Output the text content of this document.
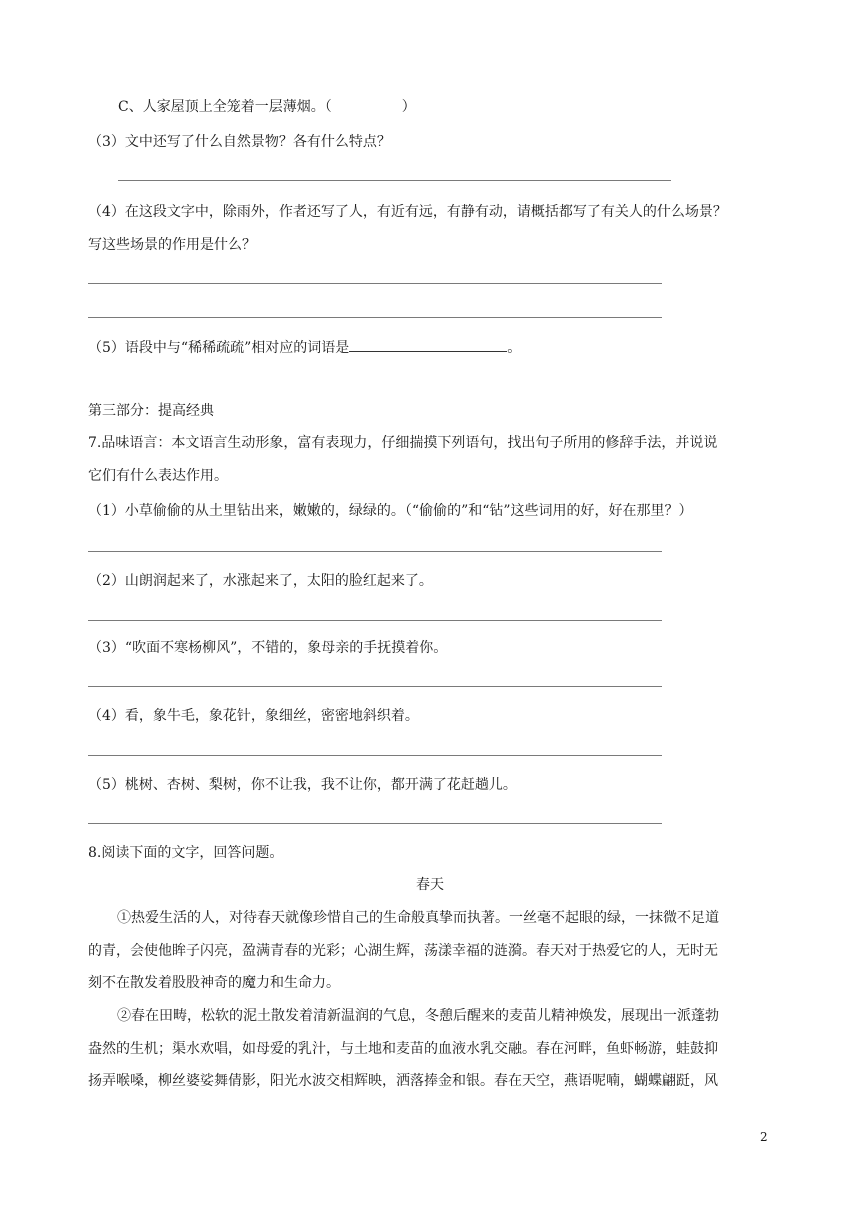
C、人家屋顶上全笼着一层薄烟。（	）
（3）文中还写了什么自然景物？各有什么特点？
（4）在这段文字中，除雨外，作者还写了人，有近有远，有静有动，请概括都写了有关人的什么场景？
写这些场景的作用是什么？
（5）语段中与“稀稀疏疏”相对应的词语是	。
第三部分：提高经典
7.品味语言：本文语言生动形象，富有表现力，仔细揣摸下列语句，找出句子所用的修辞手法，并说说
它们有什么表达作用。
（1）小草偷偷的从土里钻出来，嫩嫩的，绿绿的。（“偷偷的”和“钻”这些词用的好，好在那里？）
（2）山朗润起来了，水涨起来了，太阳的脸红起来了。
（3）“吹面不寒杨柳风”，不错的，象母亲的手抚摸着你。
（4）看，象牛毛，象花针，象细丝，密密地斜织着。
（5）桃树、杏树、梨树，你不让我，我不让你，都开满了花赶趟儿。
8.阅读下面的文字，回答问题。
春天
①热爱生活的人，对待春天就像珍惜自己的生命般真挚而执著。一丝毫不起眼的绿，一抹微不足道
的青，会使他眸子闪亮，盈满青春的光彩；心湖生辉，荡漾幸福的涟漪。春天对于热爱它的人，无时无
刻不在散发着股股神奇的魔力和生命力。
②春在田畴，松软的泥土散发着清新温润的气息，冬憩后醒来的麦苗儿精神焕发，展现出一派蓬勃
盎然的生机；渠水欢唱，如母爱的乳汁，与土地和麦苗的血液水乳交融。春在河畔，鱼虾畅游，蛙鼓抑
扬弄喉嗓，柳丝婆娑舞倩影，阳光水波交相辉映，洒落捧金和银。春在天空，燕语呢喃，蝴蝶翩跹，风
2
